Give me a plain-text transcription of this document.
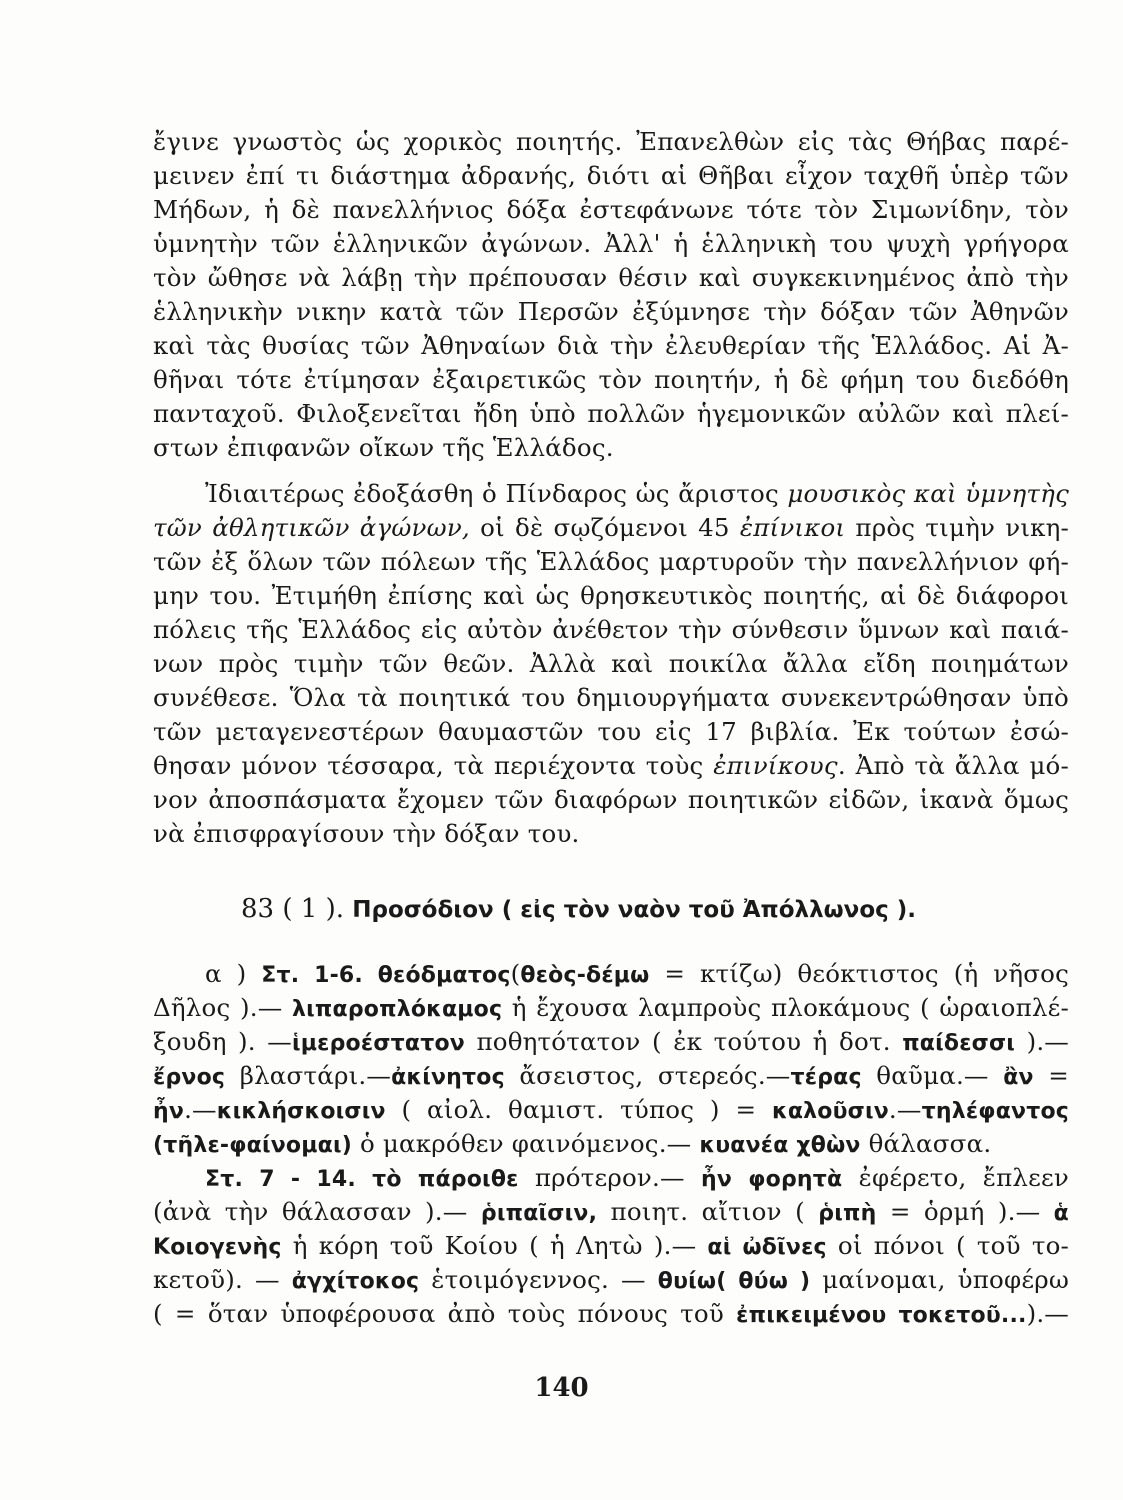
ἔγινε γνωστὸς ὡς χορικὸς ποιητής. Ἐπανελθὼν εἰς τὰς Θήβας παρέ-
μεινεν ἐπί τι διάστημα ἀδρανής, διότι αἱ Θῆβαι εἶχον ταχθῆ ὑπὲρ τῶν
Μήδων, ἡ δὲ πανελλήνιος δόξα ἐστεφάνωνε τότε τὸν Σιμωνίδην, τὸν
ὑμνητὴν τῶν ἑλληνικῶν ἀγώνων. Ἀλλ' ἡ ἑλληνικὴ του ψυχὴ γρήγορα
τὸν ὤθησε νὰ λάβῃ τὴν πρέπουσαν θέσιν καὶ συγκεκινημένος ἀπὸ τὴν
ἑλληνικὴν νικην κατὰ τῶν Περσῶν ἐξύμνησε τὴν δόξαν τῶν Ἀθηνῶν
καὶ τὰς θυσίας τῶν Ἀθηναίων διὰ τὴν ἐλευθερίαν τῆς Ἑλλάδος. Αἱ Ἀ-
θῆναι τότε ἐτίμησαν ἐξαιρετικῶς τὸν ποιητήν, ἡ δὲ φήμη του διεδόθη
πανταχοῦ. Φιλοξενεῖται ἤδη ὑπὸ πολλῶν ἡγεμονικῶν αὐλῶν καὶ πλεί-
στων ἐπιφανῶν οἴκων τῆς Ἑλλάδος.
Ἰδιαιτέρως ἐδοξάσθη ὁ Πίνδαρος ὡς ἄριστος μουσικὸς καὶ ὑμνητὴς
τῶν ἀθλητικῶν ἀγώνων, οἱ δὲ σῳζόμενοι 45 ἐπίνικοι πρὸς τιμὴν νικη-
τῶν ἐξ ὅλων τῶν πόλεων τῆς Ἑλλάδος μαρτυροῦν τὴν πανελλήνιον φή-
μην του. Ἐτιμήθη ἐπίσης καὶ ὡς θρησκευτικὸς ποιητής, αἱ δὲ διάφοροι
πόλεις τῆς Ἑλλάδος εἰς αὐτὸν ἀνέθετον τὴν σύνθεσιν ὕμνων καὶ παιά-
νων πρὸς τιμὴν τῶν θεῶν. Ἀλλὰ καὶ ποικίλα ἄλλα εἴδη ποιημάτων
συνέθεσε. Ὅλα τὰ ποιητικά του δημιουργήματα συνεκεντρώθησαν ὑπὸ
τῶν μεταγενεστέρων θαυμαστῶν του εἰς 17 βιβλία. Ἐκ τούτων ἐσώ-
θησαν μόνον τέσσαρα, τὰ περιέχοντα τοὺς ἐπινίκους. Ἀπὸ τὰ ἄλλα μό-
νον ἀποσπάσματα ἔχομεν τῶν διαφόρων ποιητικῶν εἰδῶν, ἱκανὰ ὅμως
νὰ ἐπισφραγίσουν τὴν δόξαν του.
83 ( 1 ). Προσόδιον ( εἰς τὸν ναὸν τοῦ Ἀπόλλωνος ).
α ) Στ. 1-6. θεόδματος(θεὸς-δέμω = κτίζω) θεόκτιστος (ἡ νῆσος
Δῆλος ).— λιπαροπλόκαμος ἡ ἔχουσα λαμπροὺς πλοκάμους ( ὡραιοπλέ-
ξουδη ). —ἱμεροέστατον ποθητότατον ( ἐκ τούτου ἡ δοτ. παίδεσσι ).—
ἔρνος βλαστάρι.—ἀκίνητος ἄσειστος, στερεός.—τέρας θαῦμα.— ἂν =
ἦν.—κικλήσκοισιν ( αἰολ. θαμιστ. τύπος ) = καλοῦσιν.—τηλέφαντος
(τῆλε-φαίνομαι) ὁ μακρόθεν φαινόμενος.— κυανέα χθὼν θάλασσα.
Στ. 7 - 14. τὸ πάροιθε πρότερον.— ἦν φορητὰ ἐφέρετο, ἔπλεεν
(ἀνὰ τὴν θάλασσαν ).— ῥιπαῖσιν, ποιητ. αἴτιον ( ῥιπὴ = ὁρμή ).— ἁ
Κοιογενὴς ἡ κόρη τοῦ Κοίου ( ἡ Λητὼ ).— αἱ ὠδῖνες οἱ πόνοι ( τοῦ το-
κετοῦ). — ἀγχίτοκος ἑτοιμόγεννος. — θυίω( θύω ) μαίνομαι, ὑποφέρω
( = ὅταν ὑποφέρουσα ἀπὸ τοὺς πόνους τοῦ ἐπικειμένου τοκετοῦ...).—
140
